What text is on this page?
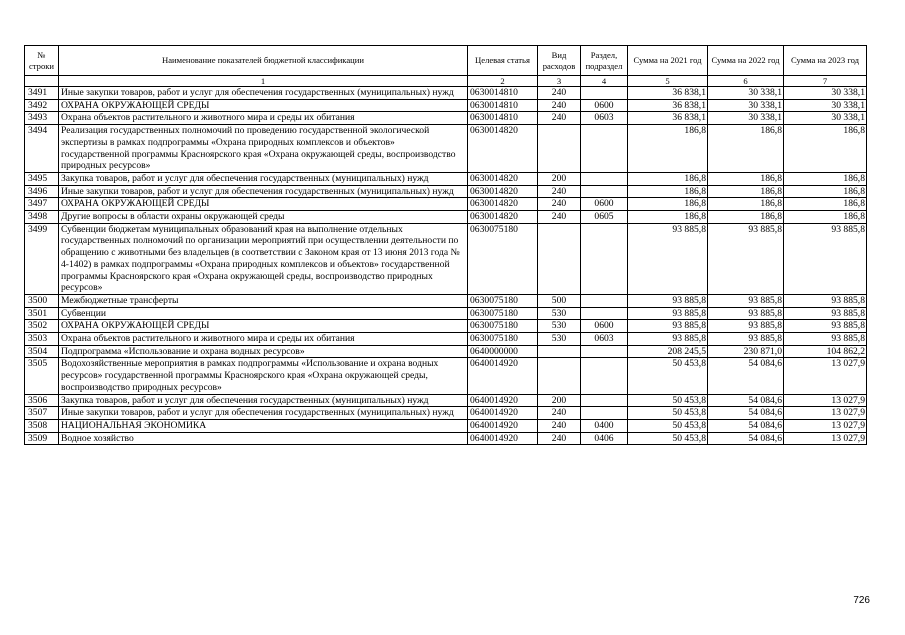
№ строки	Наименование показателей бюджетной классификации	Целевая статья	Вид расходов	Раздел, подраздел	Сумма на 2021 год	Сумма на 2022 год	Сумма на 2023 год
	1	2	3	4	5	6	7
3491	Иные закупки товаров, работ и услуг для обеспечения государственных (муниципальных) нужд	0630014810	240		36 838,1	30 338,1	30 338,1
3492	ОХРАНА ОКРУЖАЮЩЕЙ СРЕДЫ	0630014810	240	0600	36 838,1	30 338,1	30 338,1
3493	Охрана объектов растительного и животного мира и среды их обитания	0630014810	240	0603	36 838,1	30 338,1	30 338,1
3494	Реализация государственных полномочий по проведению государственной экологической экспертизы в рамках подпрограммы «Охрана природных комплексов и объектов» государственной программы Красноярского края «Охрана окружающей среды, воспроизводство природных ресурсов»	0630014820			186,8	186,8	186,8
3495	Закупка товаров, работ и услуг для обеспечения государственных (муниципальных) нужд	0630014820	200		186,8	186,8	186,8
3496	Иные закупки товаров, работ и услуг для обеспечения государственных (муниципальных) нужд	0630014820	240		186,8	186,8	186,8
3497	ОХРАНА ОКРУЖАЮЩЕЙ СРЕДЫ	0630014820	240	0600	186,8	186,8	186,8
3498	Другие вопросы в области охраны окружающей среды	0630014820	240	0605	186,8	186,8	186,8
3499	Субвенции бюджетам муниципальных образований края на выполнение отдельных государственных полномочий по организации мероприятий при осуществлении деятельности по обращению с животными без владельцев (в соответствии с Законом края от 13 июня 2013 года № 4-1402) в рамках подпрограммы «Охрана природных комплексов и объектов» государственной программы Красноярского края «Охрана окружающей среды, воспроизводство природных ресурсов»	0630075180			93 885,8	93 885,8	93 885,8
3500	Межбюджетные трансферты	0630075180	500		93 885,8	93 885,8	93 885,8
3501	Субвенции	0630075180	530		93 885,8	93 885,8	93 885,8
3502	ОХРАНА ОКРУЖАЮЩЕЙ СРЕДЫ	0630075180	530	0600	93 885,8	93 885,8	93 885,8
3503	Охрана объектов растительного и животного мира и среды их обитания	0630075180	530	0603	93 885,8	93 885,8	93 885,8
3504	Подпрограмма «Использование и охрана водных ресурсов»	0640000000			208 245,5	230 871,0	104 862,2
3505	Водохозяйственные мероприятия в рамках подпрограммы «Использование и охрана водных ресурсов» государственной программы Красноярского края «Охрана окружающей среды, воспроизводство природных ресурсов»	0640014920			50 453,8	54 084,6	13 027,9
3506	Закупка товаров, работ и услуг для обеспечения государственных (муниципальных) нужд	0640014920	200		50 453,8	54 084,6	13 027,9
3507	Иные закупки товаров, работ и услуг для обеспечения государственных (муниципальных) нужд	0640014920	240		50 453,8	54 084,6	13 027,9
3508	НАЦИОНАЛЬНАЯ ЭКОНОМИКА	0640014920	240	0400	50 453,8	54 084,6	13 027,9
3509	Водное хозяйство	0640014920	240	0406	50 453,8	54 084,6	13 027,9
726
